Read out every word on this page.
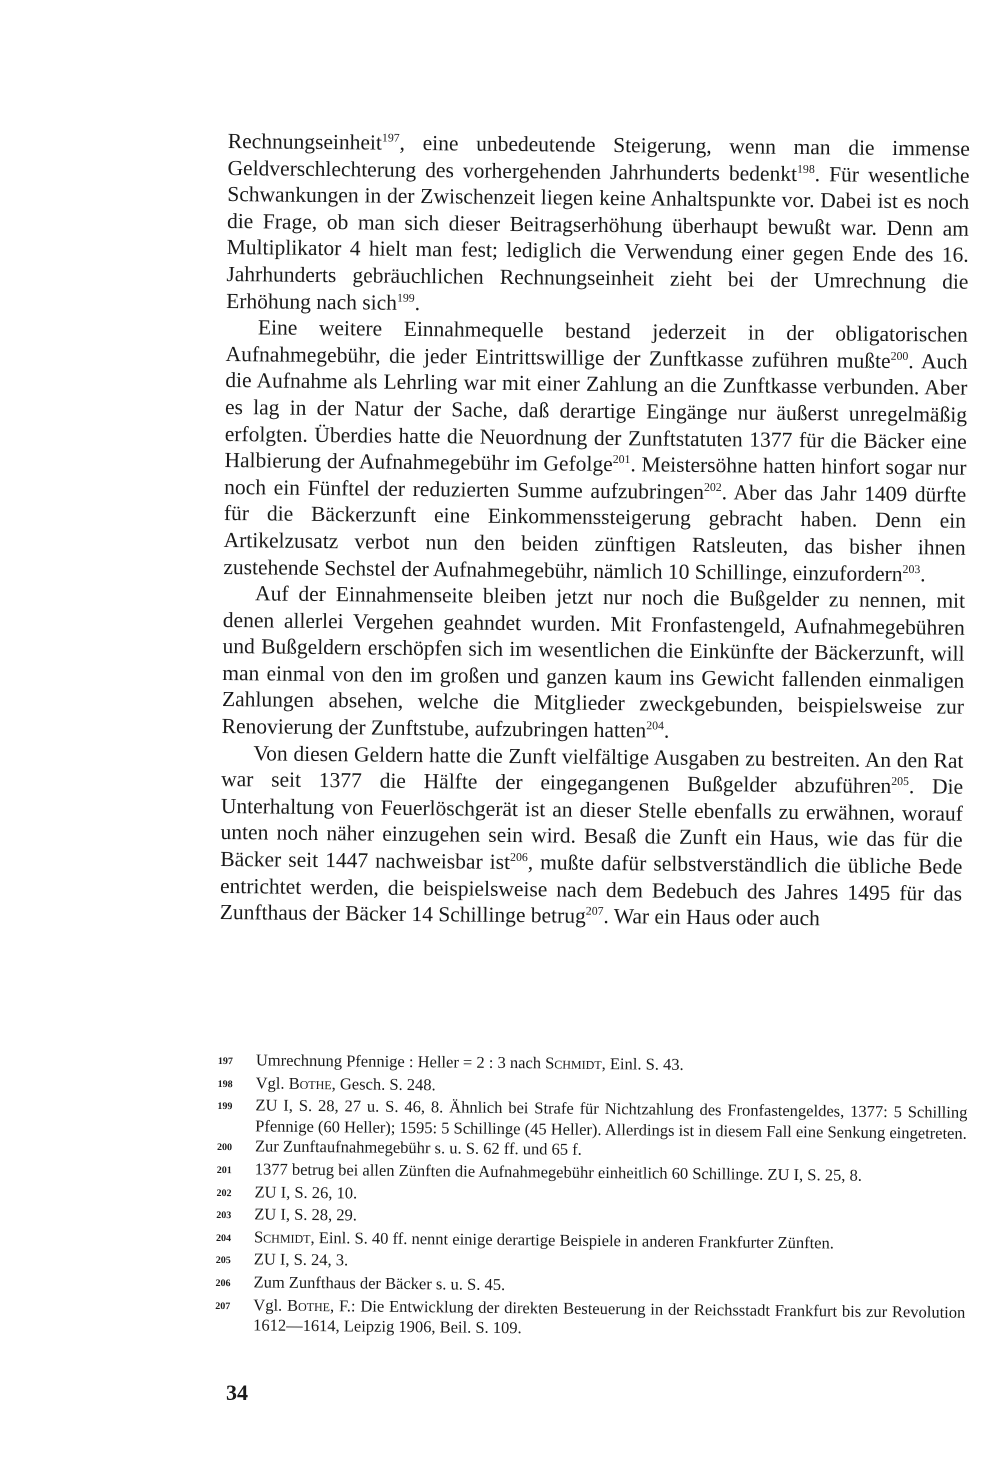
Rechnungseinheit$^{197}$, eine unbedeutende Steigerung, wenn man die immense Geldverschlechterung des vorhergehenden Jahrhunderts bedenkt$^{198}$. Für wesentliche Schwankungen in der Zwischenzeit liegen keine Anhaltspunkte vor. Dabei ist es noch die Frage, ob man sich dieser Beitragserhöhung überhaupt bewußt war. Denn am Multiplikator 4 hielt man fest; lediglich die Verwendung einer gegen Ende des 16. Jahrhunderts gebräuchlichen Rechnungseinheit zieht bei der Umrechnung die Erhöhung nach sich$^{199}$.

Eine weitere Einnahmequelle bestand jederzeit in der obligatorischen Aufnahmegebühr, die jeder Eintrittswillige der Zunftkasse zuführen mußte$^{200}$. Auch die Aufnahme als Lehrling war mit einer Zahlung an die Zunftkasse verbunden. Aber es lag in der Natur der Sache, daß derartige Eingänge nur äußerst unregelmäßig erfolgten. Überdies hatte die Neuordnung der Zunftstatuten 1377 für die Bäcker eine Halbierung der Aufnahmegebühr im Gefolge$^{201}$. Meistersöhne hatten hinfort sogar nur noch ein Fünftel der reduzierten Summe aufzubringen$^{202}$. Aber das Jahr 1409 dürfte für die Bäckerzunft eine Einkommenssteigerung gebracht haben. Denn ein Artikelzusatz verbot nun den beiden zünftigen Ratsleuten, das bisher ihnen zustehende Sechstel der Aufnahmegebühr, nämlich 10 Schillinge, einzufordern$^{203}$.

Auf der Einnahmenseite bleiben jetzt nur noch die Bußgelder zu nennen, mit denen allerlei Vergehen geahndet wurden. Mit Fronfastengeld, Aufnahmegebühren und Bußgeldern erschöpfen sich im wesentlichen die Einkünfte der Bäckerzunft, will man einmal von den im großen und ganzen kaum ins Gewicht fallenden einmaligen Zahlungen absehen, welche die Mitglieder zweckgebunden, beispielsweise zur Renovierung der Zunftstube, aufzubringen hatten$^{204}$.

Von diesen Geldern hatte die Zunft vielfältige Ausgaben zu bestreiten. An den Rat war seit 1377 die Hälfte der eingegangenen Bußgelder abzuführen$^{205}$. Die Unterhaltung von Feuerlöschgerät ist an dieser Stelle ebenfalls zu erwähnen, worauf unten noch näher einzugehen sein wird. Besaß die Zunft ein Haus, wie das für die Bäcker seit 1447 nachweisbar ist$^{206}$, mußte dafür selbstverständlich die übliche Bede entrichtet werden, die beispielsweise nach dem Bedebuch des Jahres 1495 für das Zunfthaus der Bäcker 14 Schillinge betrug$^{207}$. War ein Haus oder auch

197	Umrechnung Pfennige : Heller = 2 : 3 nach Schmidt, Einl. S. 43.
198	Vgl. Bothe, Gesch. S. 248.
199	ZU I, S. 28, 27 u. S. 46, 8. Ähnlich bei Strafe für Nichtzahlung des Fronfastengeldes, 1377: 5 Schilling Pfennige (60 Heller); 1595: 5 Schillinge (45 Heller). Allerdings ist in diesem Fall eine Senkung eingetreten.
200	Zur Zunftaufnahmegebühr s. u. S. 62 ff. und 65 f.
201	1377 betrug bei allen Zünften die Aufnahmegebühr einheitlich 60 Schillinge. ZU I, S. 25, 8.
202	ZU I, S. 26, 10.
203	ZU I, S. 28, 29.
204	Schmidt, Einl. S. 40 ff. nennt einige derartige Beispiele in anderen Frankfurter Zünften.
205	ZU I, S. 24, 3.
206	Zum Zunfthaus der Bäcker s. u. S. 45.
207	Vgl. Bothe, F.: Die Entwicklung der direkten Besteuerung in der Reichsstadt Frankfurt bis zur Revolution 1612—1614, Leipzig 1906, Beil. S. 109.
34
